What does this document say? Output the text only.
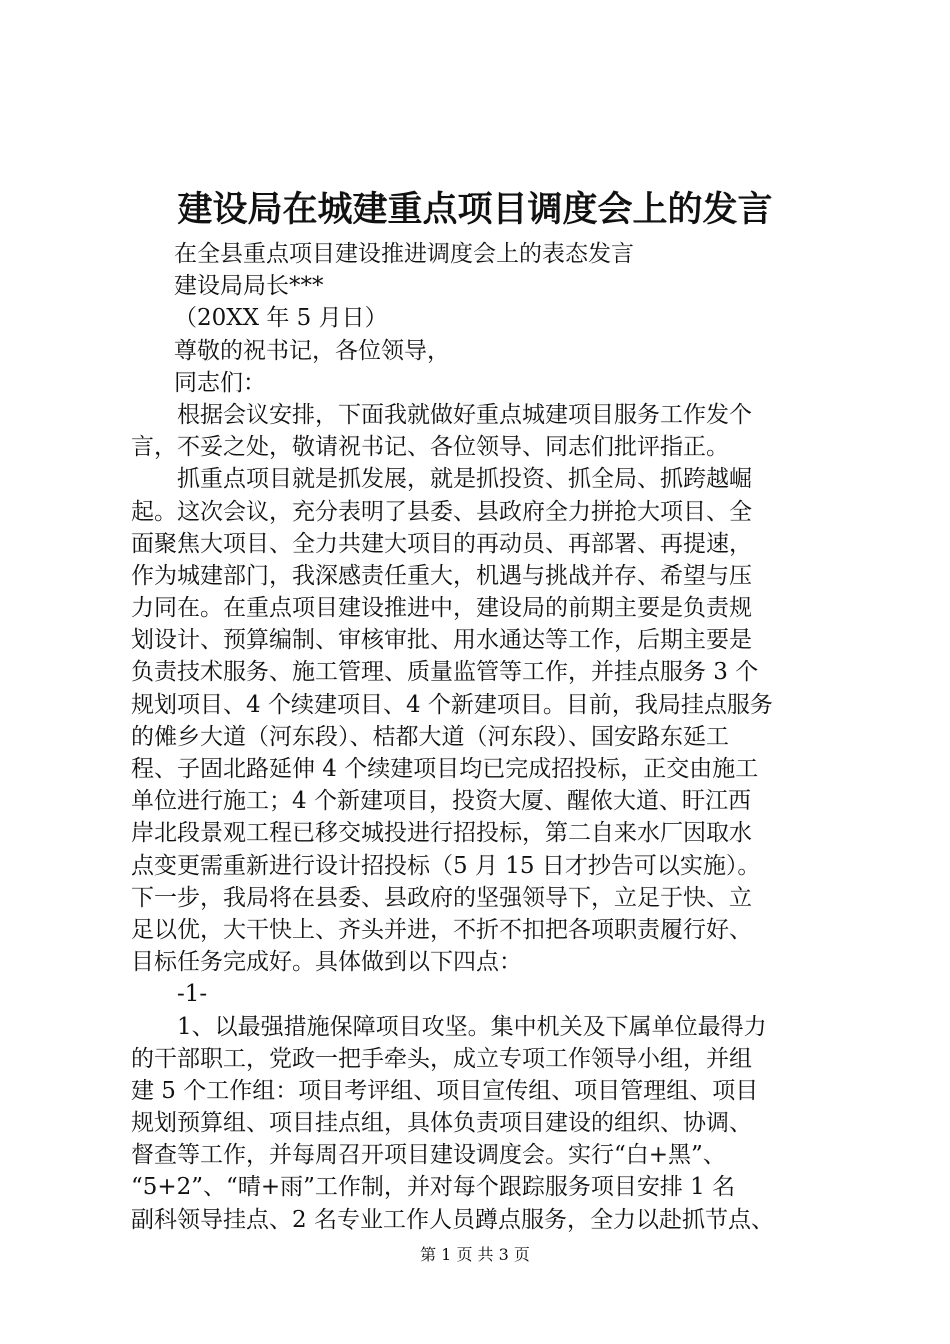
建设局在城建重点项目调度会上的发言
在全县重点项目建设推进调度会上的表态发言
建设局局长***
（20XX 年 5 月日）
尊敬的祝书记，各位领导，
同志们：
根据会议安排，下面我就做好重点城建项目服务工作发个
言，不妥之处，敬请祝书记、各位领导、同志们批评指正。
抓重点项目就是抓发展，就是抓投资、抓全局、抓跨越崛
起。这次会议，充分表明了县委、县政府全力拼抢大项目、全
面聚焦大项目、全力共建大项目的再动员、再部署、再提速，
作为城建部门，我深感责任重大，机遇与挑战并存、希望与压
力同在。在重点项目建设推进中，建设局的前期主要是负责规
划设计、预算编制、审核审批、用水通达等工作，后期主要是
负责技术服务、施工管理、质量监管等工作，并挂点服务 3 个
规划项目、4 个续建项目、4 个新建项目。目前，我局挂点服务
的傩乡大道（河东段）、桔都大道（河东段）、国安路东延工
程、子固北路延伸 4 个续建项目均已完成招投标，正交由施工
单位进行施工；4 个新建项目，投资大厦、醒侬大道、盱江西
岸北段景观工程已移交城投进行招投标，第二自来水厂因取水
点变更需重新进行设计招投标（5 月 15 日才抄告可以实施）。
下一步，我局将在县委、县政府的坚强领导下，立足于快、立
足以优，大干快上、齐头并进，不折不扣把各项职责履行好、
目标任务完成好。具体做到以下四点：
-1-
1、以最强措施保障项目攻坚。集中机关及下属单位最得力
的干部职工，党政一把手牵头，成立专项工作领导小组，并组
建 5 个工作组：项目考评组、项目宣传组、项目管理组、项目
规划预算组、项目挂点组，具体负责项目建设的组织、协调、
督查等工作，并每周召开项目建设调度会。实行“白+黑”、
“5+2”、“晴+雨”工作制，并对每个跟踪服务项目安排 1 名
副科领导挂点、2 名专业工作人员蹲点服务，全力以赴抓节点、
第 1 页 共 3 页
